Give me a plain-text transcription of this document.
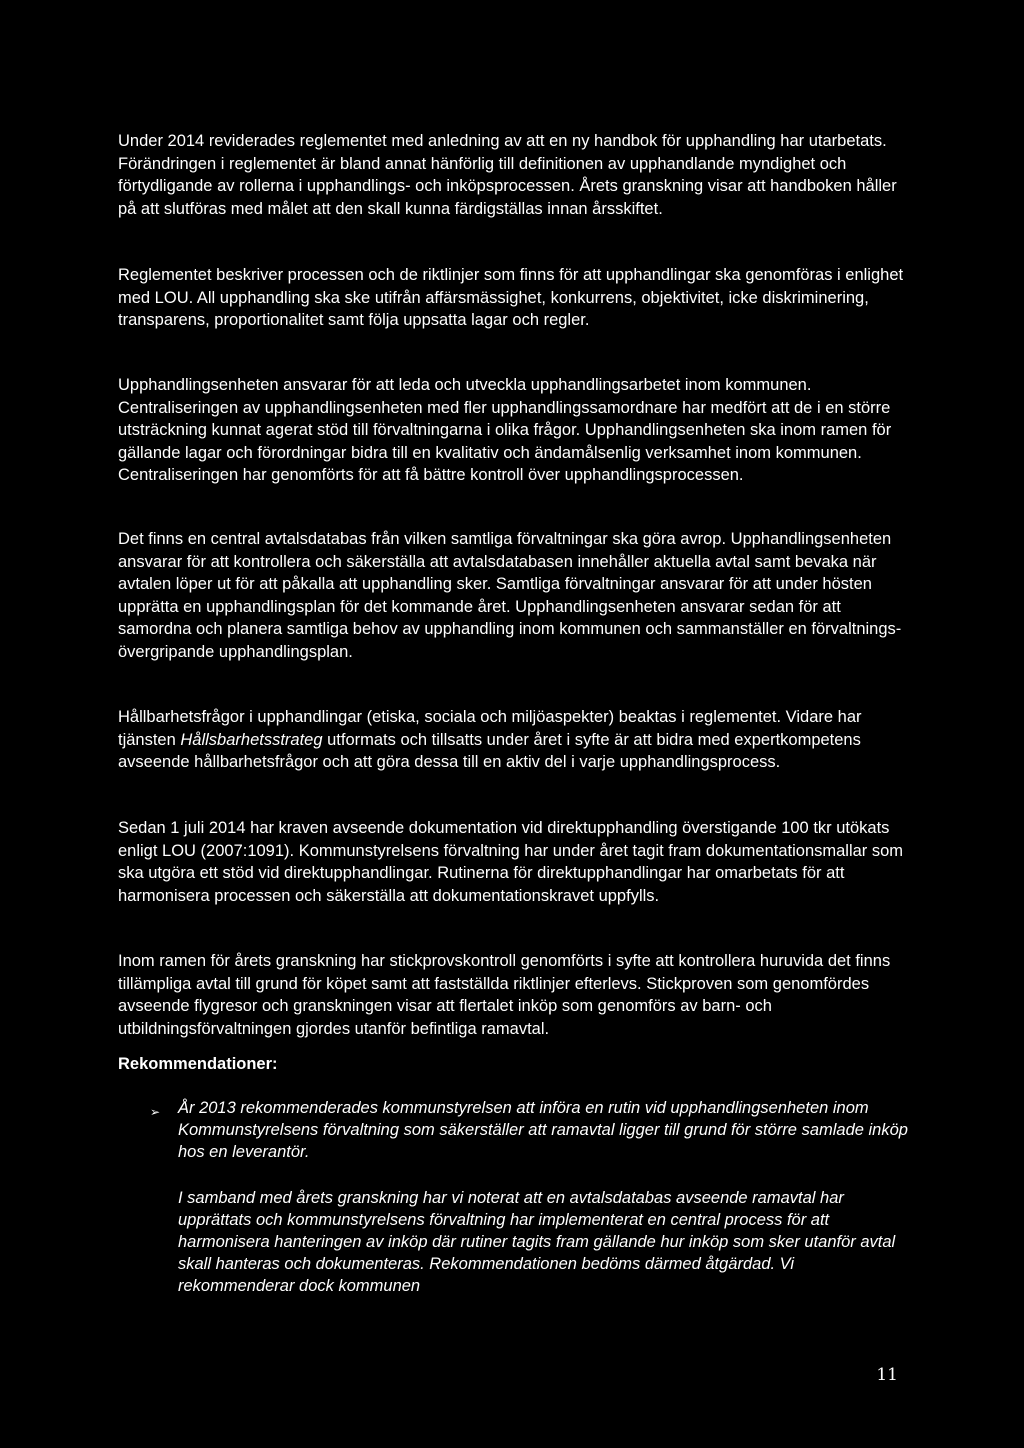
Under 2014 reviderades reglementet med anledning av att en ny handbok för upphandling har utarbetats. Förändringen i reglementet är bland annat hänförlig till definitionen av upphandlande myndighet och förtydligande av rollerna i upphandlings- och inköpsprocessen. Årets granskning visar att handboken håller på att slutföras med målet att den skall kunna färdigställas innan årsskiftet.

Reglementet beskriver processen och de riktlinjer som finns för att upphandlingar ska genomföras i enlighet med LOU. All upphandling ska ske utifrån affärsmässighet, konkurrens, objektivitet, icke diskriminering, transparens, proportionalitet samt följa uppsatta lagar och regler.

Upphandlingsenheten ansvarar för att leda och utveckla upphandlingsarbetet inom kommunen. Centraliseringen av upphandlingsenheten med fler upphandlingssamordnare har medfört att de i en större utsträckning kunnat agerat stöd till förvaltningarna i olika frågor. Upphandlingsenheten ska inom ramen för gällande lagar och förordningar bidra till en kvalitativ och ändamålsenlig verksamhet inom kommunen. Centraliseringen har genomförts för att få bättre kontroll över upphandlingsprocessen.

Det finns en central avtalsdatabas från vilken samtliga förvaltningar ska göra avrop. Upphandlingsenheten ansvarar för att kontrollera och säkerställa att avtalsdatabasen innehåller aktuella avtal samt bevaka när avtalen löper ut för att påkalla att upphandling sker. Samtliga förvaltningar ansvarar för att under hösten upprätta en upphandlingsplan för det kommande året. Upphandlingsenheten ansvarar sedan för att samordna och planera samtliga behov av upphandling inom kommunen och sammanställer en förvaltnings-övergripande upphandlingsplan.

Hållbarhetsfrågor i upphandlingar (etiska, sociala och miljöaspekter) beaktas i reglementet. Vidare har tjänsten Hållsbarhetsstrateg utformats och tillsatts under året i syfte är att bidra med expertkompetens avseende hållbarhetsfrågor och att göra dessa till en aktiv del i varje upphandlingsprocess.

Sedan 1 juli 2014 har kraven avseende dokumentation vid direktupphandling överstigande 100 tkr utökats enligt LOU (2007:1091). Kommunstyrelsens förvaltning har under året tagit fram dokumentationsmallar som ska utgöra ett stöd vid direktupphandlingar. Rutinerna för direktupphandlingar har omarbetats för att harmonisera processen och säkerställa att dokumentationskravet uppfylls.

Inom ramen för årets granskning har stickprovskontroll genomförts i syfte att kontrollera huruvida det finns tillämpliga avtal till grund för köpet samt att fastställda riktlinjer efterlevs. Stickproven som genomfördes avseende flygresor och granskningen visar att flertalet inköp som genomförs av barn- och utbildningsförvaltningen gjordes utanför befintliga ramavtal.

Rekommendationer:

➢ År 2013 rekommenderades kommunstyrelsen att införa en rutin vid upphandlingsenheten inom Kommunstyrelsens förvaltning som säkerställer att ramavtal ligger till grund för större samlade inköp hos en leverantör.

I samband med årets granskning har vi noterat att en avtalsdatabas avseende ramavtal har upprättats och kommunstyrelsens förvaltning har implementerat en central process för att harmonisera hanteringen av inköp där rutiner tagits fram gällande hur inköp som sker utanför avtal skall hanteras och dokumenteras. Rekommendationen bedöms därmed åtgärdad. Vi rekommenderar dock kommunen

11
